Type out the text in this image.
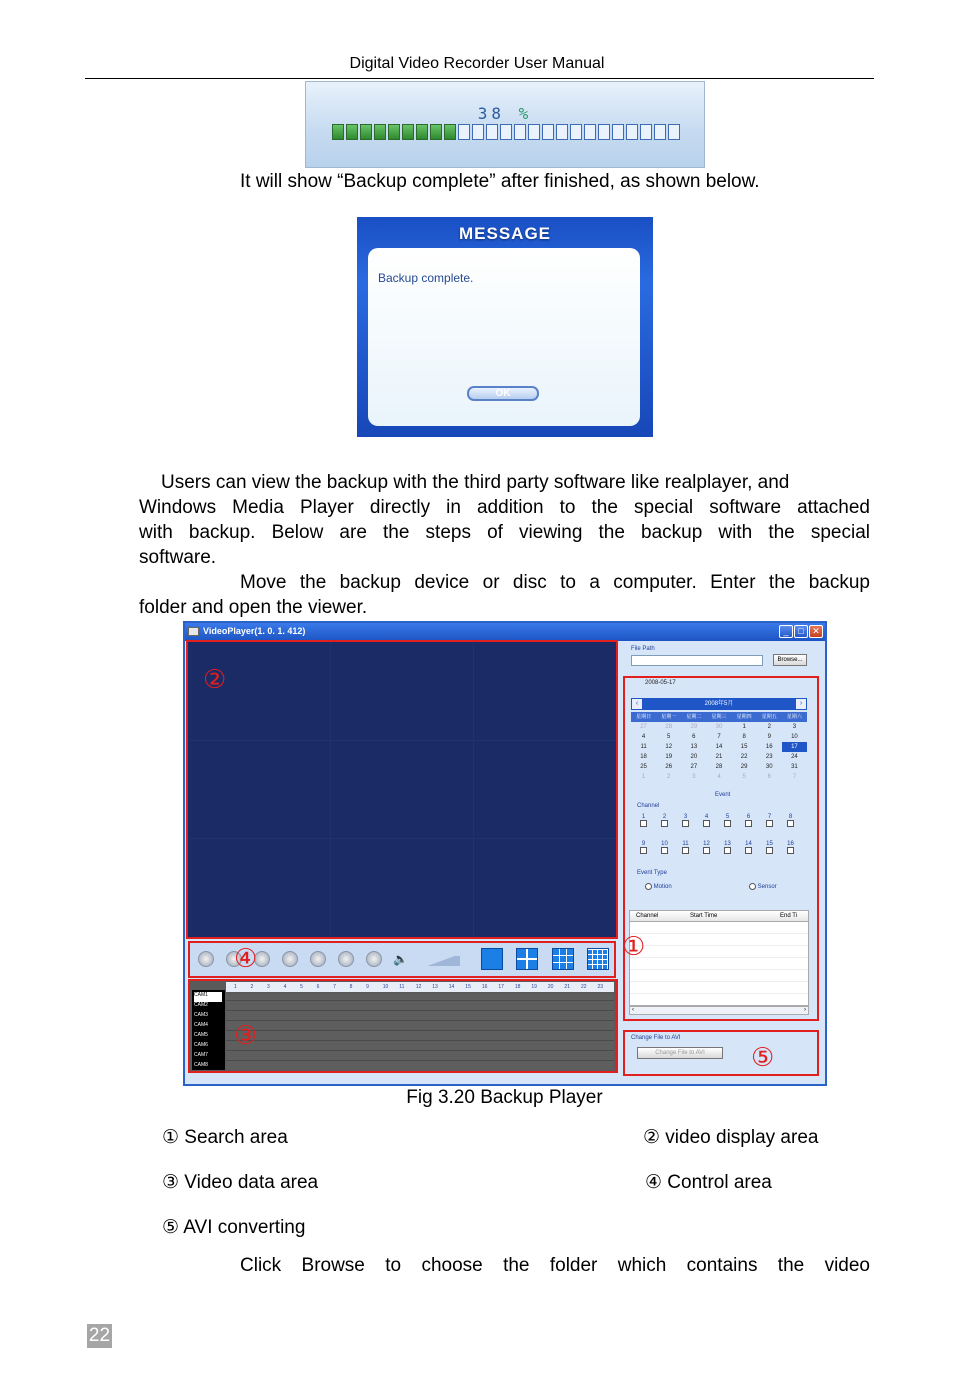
Digital Video Recorder User Manual
38 %
It will show “Backup complete” after finished, as shown below.
MESSAGE
Backup complete.
OK
Users can view the backup with the third party software like realplayer, and
Windows Media Player directly in addition to the special software attached
with backup. Below are the steps of viewing the backup with the special
software.
Move the backup device or disc to a computer. Enter the backup
folder and open the viewer.
VideoPlayer(1. 0. 1. 412)	_	□ ✕
②
🔈
④
1	2	3	4	5	6	7	8	9	10 11 12 13 14 15 16 17 18 19 20 21 22 23
CAM1
CAM2
CAM3
CAM4
CAM5
CAM6
CAM7
CAM8
③
File Path
Browse...
2008-05-17
2008年5月
‹	›
星期日	星期一	星期二	星期三	星期四	星期五	星期六
27	28	29	30	1	2	3
4	5	6	7	8	9	10
11	12	13	14	15	16	17
18	19	20	21	22	23	24
25	26	27	28	29	30	31
1	2	3	4	5	6	7
Event
Channel
1	2	3	4	5	6	7	8
9	10	11	12	13	14	15	16
Event Type
Motion	Sensor
Channel	Start Time	End Ti
‹	›
①
Change File to AVI
Change File to AVI	⑤
Fig 3.20 Backup Player
① Search area	② video display area
③ Video data area	④ Control area
⑤ AVI converting
Click Browse to choose the folder which contains the video
22
